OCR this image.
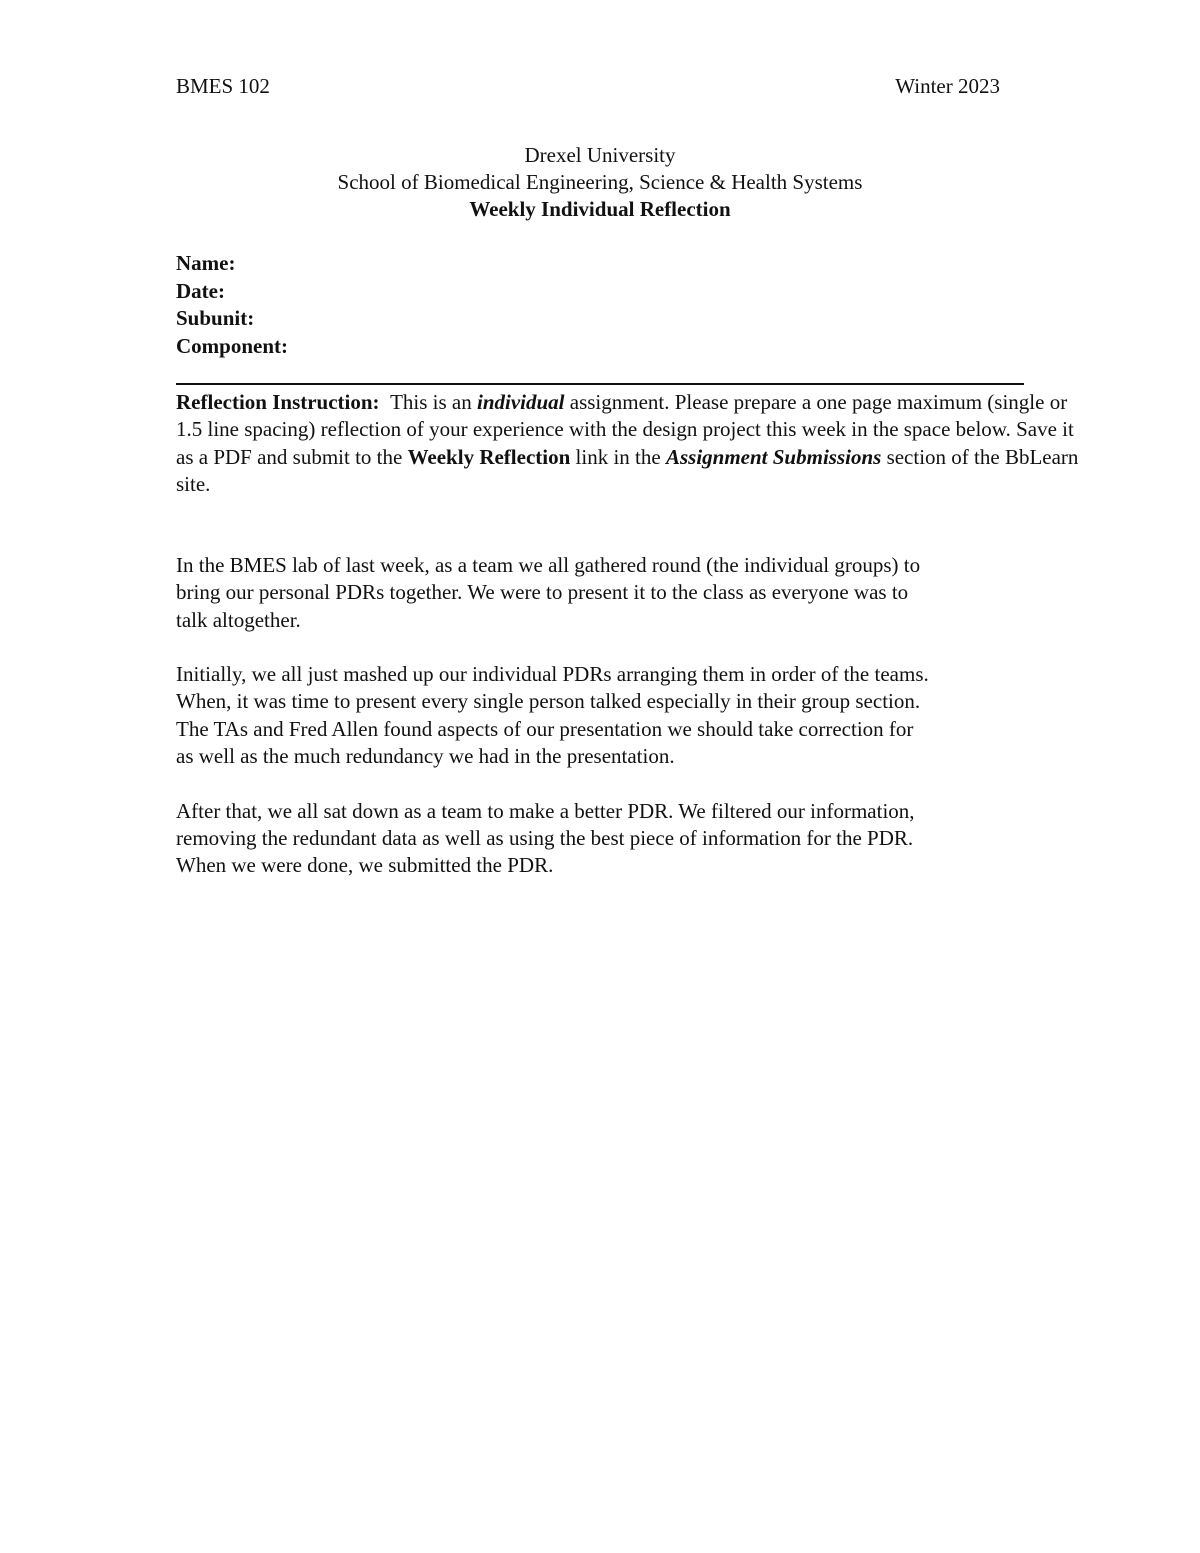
BMES 102	Winter 2023
Drexel University
School of Biomedical Engineering, Science & Health Systems
Weekly Individual Reflection
Name:
Date:
Subunit:
Component:
Reflection Instruction: This is an individual assignment. Please prepare a one page maximum (single or 1.5 line spacing) reflection of your experience with the design project this week in the space below. Save it as a PDF and submit to the Weekly Reflection link in the Assignment Submissions section of the BbLearn site.

In the BMES lab of last week, as a team we all gathered round (the individual groups) to
bring our personal PDRs together. We were to present it to the class as everyone was to
talk altogether.

Initially, we all just mashed up our individual PDRs arranging them in order of the teams.
When, it was time to present every single person talked especially in their group section.
The TAs and Fred Allen found aspects of our presentation we should take correction for
as well as the much redundancy we had in the presentation.

After that, we all sat down as a team to make a better PDR. We filtered our information,
removing the redundant data as well as using the best piece of information for the PDR.
When we were done, we submitted the PDR.
